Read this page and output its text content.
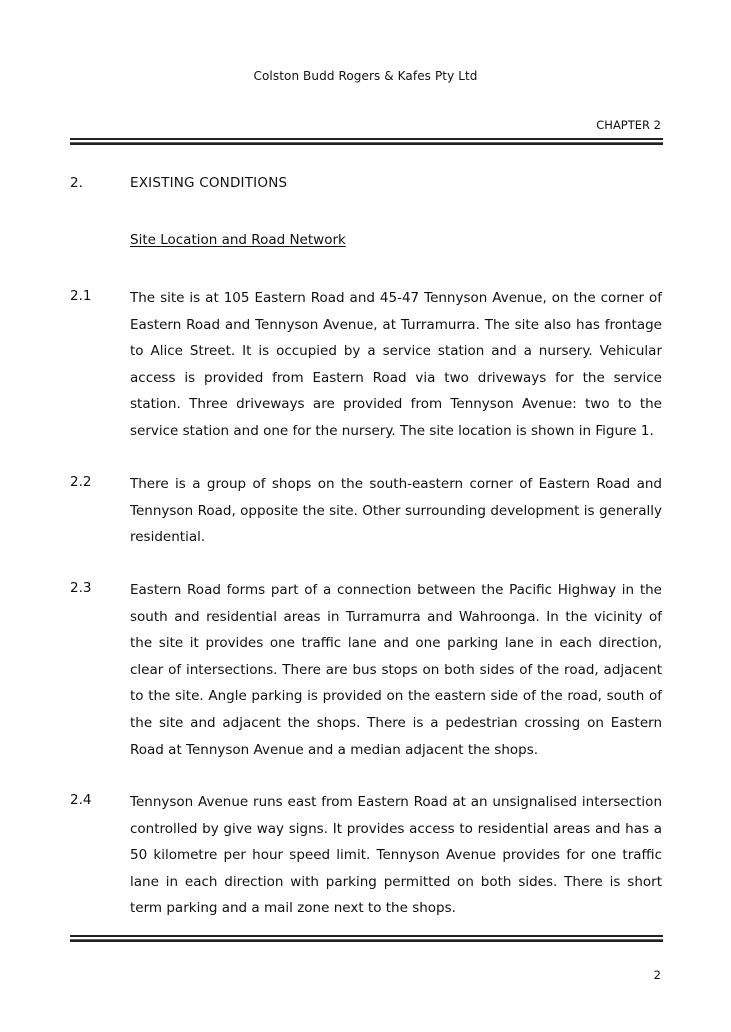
Colston Budd Rogers & Kafes Pty Ltd
CHAPTER 2
2.	EXISTING CONDITIONS
Site Location and Road Network
2.1	The site is at 105 Eastern Road and 45-47 Tennyson Avenue, on the corner of Eastern Road and Tennyson Avenue, at Turramurra. The site also has frontage to Alice Street. It is occupied by a service station and a nursery. Vehicular access is provided from Eastern Road via two driveways for the service station. Three driveways are provided from Tennyson Avenue: two to the service station and one for the nursery. The site location is shown in Figure 1.

2.2	There is a group of shops on the south-eastern corner of Eastern Road and Tennyson Road, opposite the site. Other surrounding development is generally residential.

2.3	Eastern Road forms part of a connection between the Pacific Highway in the south and residential areas in Turramurra and Wahroonga. In the vicinity of the site it provides one traffic lane and one parking lane in each direction, clear of intersections. There are bus stops on both sides of the road, adjacent to the site. Angle parking is provided on the eastern side of the road, south of the site and adjacent the shops. There is a pedestrian crossing on Eastern Road at Tennyson Avenue and a median adjacent the shops.

2.4	Tennyson Avenue runs east from Eastern Road at an unsignalised intersection controlled by give way signs. It provides access to residential areas and has a 50 kilometre per hour speed limit. Tennyson Avenue provides for one traffic lane in each direction with parking permitted on both sides. There is short term parking and a mail zone next to the shops.

2
